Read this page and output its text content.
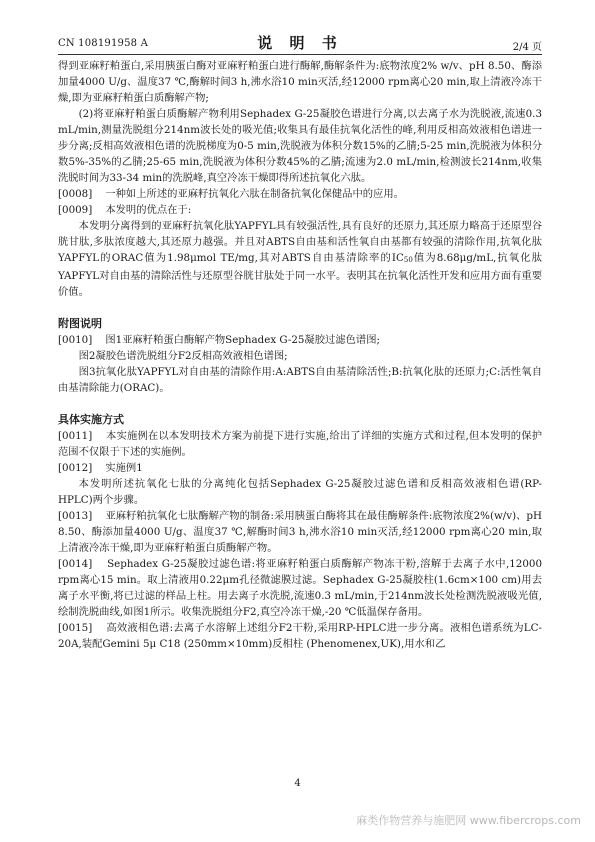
CN 108191958 A	说 明 书	2/4 页

得到亚麻籽粕蛋白,采用胰蛋白酶对亚麻籽粕蛋白进行酶解,酶解条件为:底物浓度2% w/v、pH 8.50、酶添加量4000 U/g、温度37 ℃,酶解时间3 h,沸水浴10 min灭活,经12000 rpm离心20 min,取上清液冷冻干燥,即为亚麻籽粕蛋白质酶解产物;

(2)将亚麻籽粕蛋白质酶解产物利用Sephadex G-25凝胶色谱进行分离,以去离子水为洗脱液,流速0.3 mL/min,测量洗脱组分214nm波长处的吸光值;收集具有最佳抗氧化活性的峰,利用反相高效液相色谱进一步分离;反相高效液相色谱的洗脱梯度为0-5 min,洗脱液为体积分数15%的乙腈;5-25 min,洗脱液为体积分数5%-35%的乙腈;25-65 min,洗脱液为体积分数45%的乙腈;流速为2.0 mL/min,检测波长214nm,收集洗脱时间为33-34 min的洗脱峰,真空冷冻干燥即得所述抗氧化六肽。

[0008] 一种如上所述的亚麻籽抗氧化六肽在制备抗氧化保健品中的应用。

[0009] 本发明的优点在于:

本发明分离得到的亚麻籽抗氧化肽YAPFYL具有较强活性,具有良好的还原力,其还原力略高于还原型谷胱甘肽,多肽浓度越大,其还原力越强。并且对ABTS自由基和活性氧自由基都有较强的清除作用,抗氧化肽YAPFYL的ORAC值为1.98μmol TE/mg,其对ABTS自由基清除率的IC50值为8.68μg/mL,抗氧化肽YAPFYL对自由基的清除活性与还原型谷胱甘肽处于同一水平。表明其在抗氧化活性开发和应用方面有重要价值。

附图说明

[0010] 图1亚麻籽粕蛋白酶解产物Sephadex G-25凝胶过滤色谱图;

图2凝胶色谱洗脱组分F2反相高效液相色谱图;

图3抗氧化肽YAPFYL对自由基的清除作用:A:ABTS自由基清除活性;B:抗氧化肽的还原力;C:活性氧自由基清除能力(ORAC)。

具体实施方式

[0011] 本实施例在以本发明技术方案为前提下进行实施,给出了详细的实施方式和过程,但本发明的保护范围不仅限于下述的实施例。

[0012] 实施例1

本发明所述抗氧化七肽的分离纯化包括Sephadex G-25凝胶过滤色谱和反相高效液相色谱(RP-HPLC)两个步骤。

[0013] 亚麻籽粕抗氧化七肽酶解产物的制备:采用胰蛋白酶将其在最佳酶解条件:底物浓度2%(w/v)、pH 8.50、酶添加量4000 U/g、温度37 ℃,解酶时间3 h,沸水浴10 min灭活,经12000 rpm离心20 min,取上清液冷冻干燥,即为亚麻籽粕蛋白质酶解产物。

[0014] Sephadex G-25凝胶过滤色谱:将亚麻籽粕蛋白质酶解产物冻干粉,溶解于去离子水中,12000 rpm离心15 min。取上清液用0.22μm孔径微滤膜过滤。Sephadex G-25凝胶柱(1.6cm×100 cm)用去离子水平衡,将已过滤的样品上柱。用去离子水洗脱,流速0.3 mL/min,于214nm波长处检测洗脱液吸光值,绘制洗脱曲线,如图1所示。收集洗脱组分F2,真空冷冻干燥,-20 ℃低温保存备用。

[0015] 高效液相色谱:去离子水溶解上述组分F2干粉,采用RP-HPLC进一步分离。液相色谱系统为LC-20A,装配Gemini 5μ C18 (250mm×10mm)反相柱 (Phenomenex,UK),用水和乙

4
麻类作物营养与施肥网 www.fibercrops.com
